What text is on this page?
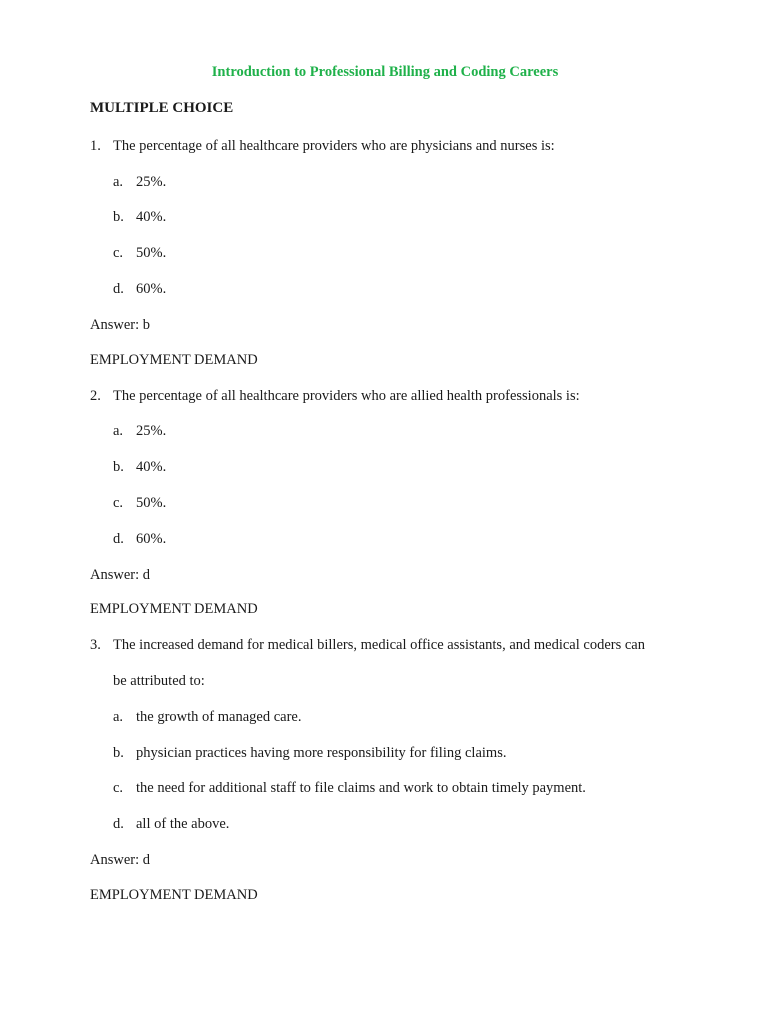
Introduction to Professional Billing and Coding Careers
MULTIPLE CHOICE
1. The percentage of all healthcare providers who are physicians and nurses is:
a. 25%.
b. 40%.
c. 50%.
d. 60%.
Answer: b
EMPLOYMENT DEMAND
2. The percentage of all healthcare providers who are allied health professionals is:
a. 25%.
b. 40%.
c. 50%.
d. 60%.
Answer: d
EMPLOYMENT DEMAND
3. The increased demand for medical billers, medical office assistants, and medical coders can
be attributed to:
a. the growth of managed care.
b. physician practices having more responsibility for filing claims.
c. the need for additional staff to file claims and work to obtain timely payment.
d. all of the above.
Answer: d
EMPLOYMENT DEMAND
